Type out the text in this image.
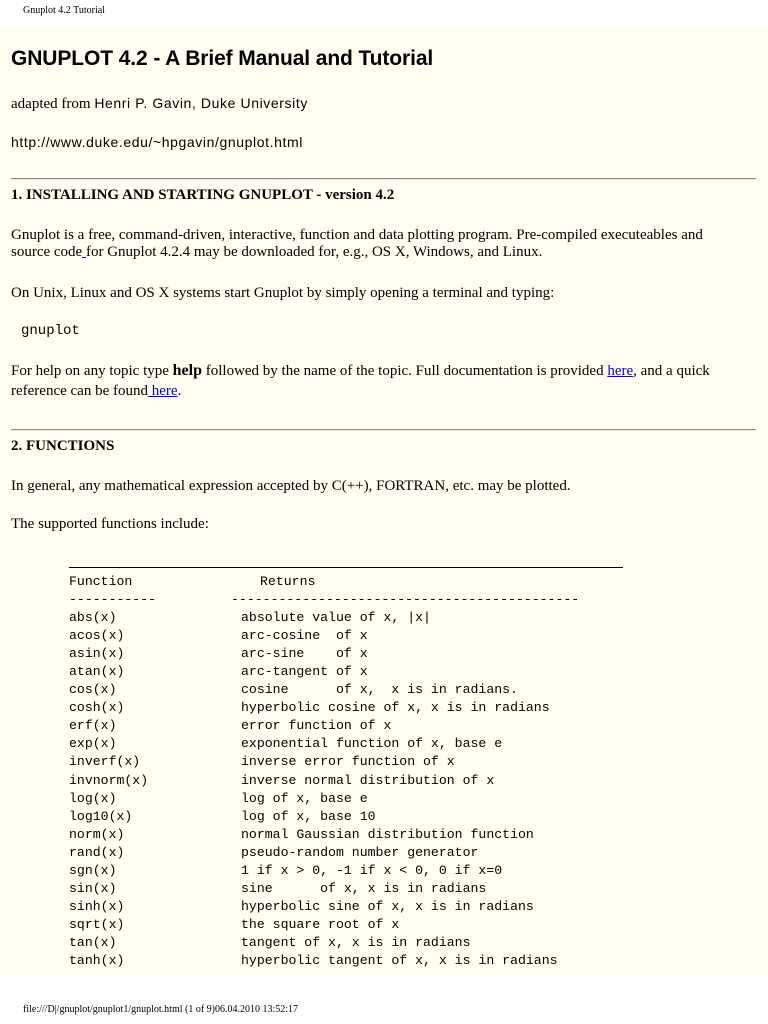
Gnuplot 4.2 Tutorial
GNUPLOT 4.2 - A Brief Manual and Tutorial
adapted from Henri P. Gavin, Duke University
http://www.duke.edu/~hpgavin/gnuplot.html
1. INSTALLING AND STARTING GNUPLOT - version 4.2

Gnuplot is a free, command-driven, interactive, function and data plotting program. Pre-compiled executeables and
source code for Gnuplot 4.2.4 may be downloaded for, e.g., OS X, Windows, and Linux.

On Unix, Linux and OS X systems start Gnuplot by simply opening a terminal and typing:

gnuplot

For help on any topic type help followed by the name of the topic. Full documentation is provided here, and a quick
reference can be found here.

2. FUNCTIONS

In general, any mathematical expression accepted by C(++), FORTRAN, etc. may be plotted.

The supported functions include:

Function	Returns
-----------	--------------------------------------------
abs(x)	absolute value of x, |x|
acos(x)	arc-cosine  of x
asin(x)	arc-sine    of x
atan(x)	arc-tangent of x
cos(x)	cosine      of x,  x is in radians.
cosh(x)	hyperbolic cosine of x, x is in radians
erf(x)	error function of x
exp(x)	exponential function of x, base e
inverf(x)	inverse error function of x
invnorm(x)	inverse normal distribution of x
log(x)	log of x, base e
log10(x)	log of x, base 10
norm(x)	normal Gaussian distribution function
rand(x)	pseudo-random number generator
sgn(x)	1 if x > 0, -1 if x < 0, 0 if x=0
sin(x)	sine      of x, x is in radians
sinh(x)	hyperbolic sine of x, x is in radians
sqrt(x)	the square root of x
tan(x)	tangent of x, x is in radians
tanh(x)	hyperbolic tangent of x, x is in radians
file:///D|/gnuplot/gnuplot1/gnuplot.html (1 of 9)06.04.2010 13:52:17
